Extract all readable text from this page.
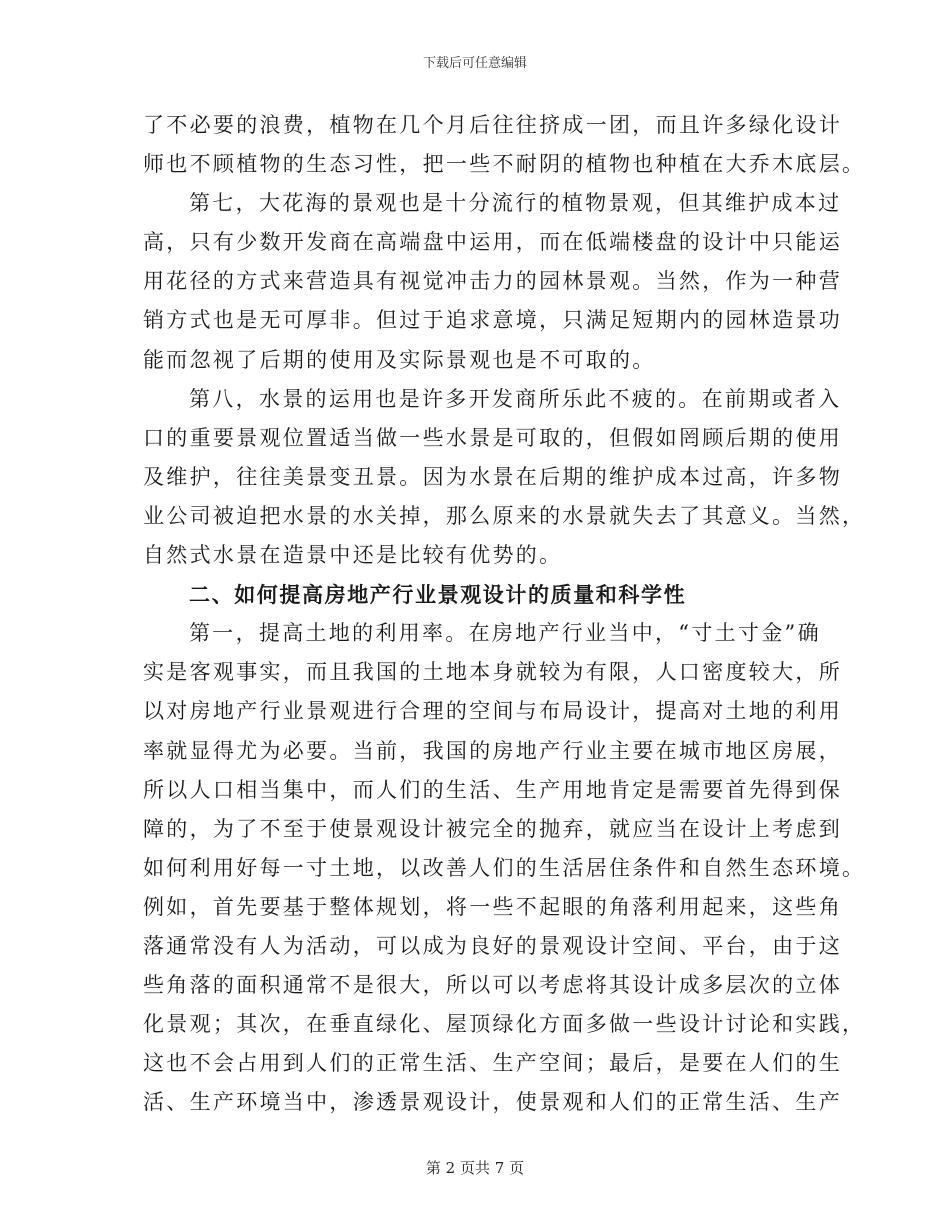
下载后可任意编辑
了不必要的浪费，植物在几个月后往往挤成一团，而且许多绿化设计
师也不顾植物的生态习性，把一些不耐阴的植物也种植在大乔木底层。
第七，大花海的景观也是十分流行的植物景观，但其维护成本过
高，只有少数开发商在高端盘中运用，而在低端楼盘的设计中只能运
用花径的方式来营造具有视觉冲击力的园林景观。当然，作为一种营
销方式也是无可厚非。但过于追求意境，只满足短期内的园林造景功
能而忽视了后期的使用及实际景观也是不可取的。
第八，水景的运用也是许多开发商所乐此不疲的。在前期或者入
口的重要景观位置适当做一些水景是可取的，但假如罔顾后期的使用
及维护，往往美景变丑景。因为水景在后期的维护成本过高，许多物
业公司被迫把水景的水关掉，那么原来的水景就失去了其意义。当然，
自然式水景在造景中还是比较有优势的。
二、如何提高房地产行业景观设计的质量和科学性
第一，提高土地的利用率。在房地产行业当中，“寸土寸金”确
实是客观事实，而且我国的土地本身就较为有限，人口密度较大，所
以对房地产行业景观进行合理的空间与布局设计，提高对土地的利用
率就显得尤为必要。当前，我国的房地产行业主要在城市地区房展，
所以人口相当集中，而人们的生活、生产用地肯定是需要首先得到保
障的，为了不至于使景观设计被完全的抛弃，就应当在设计上考虑到
如何利用好每一寸土地，以改善人们的生活居住条件和自然生态环境。
例如，首先要基于整体规划，将一些不起眼的角落利用起来，这些角
落通常没有人为活动，可以成为良好的景观设计空间、平台，由于这
些角落的面积通常不是很大，所以可以考虑将其设计成多层次的立体
化景观；其次，在垂直绿化、屋顶绿化方面多做一些设计讨论和实践，
这也不会占用到人们的正常生活、生产空间；最后，是要在人们的生
活、生产环境当中，渗透景观设计，使景观和人们的正常生活、生产
第 2 页共 7 页
